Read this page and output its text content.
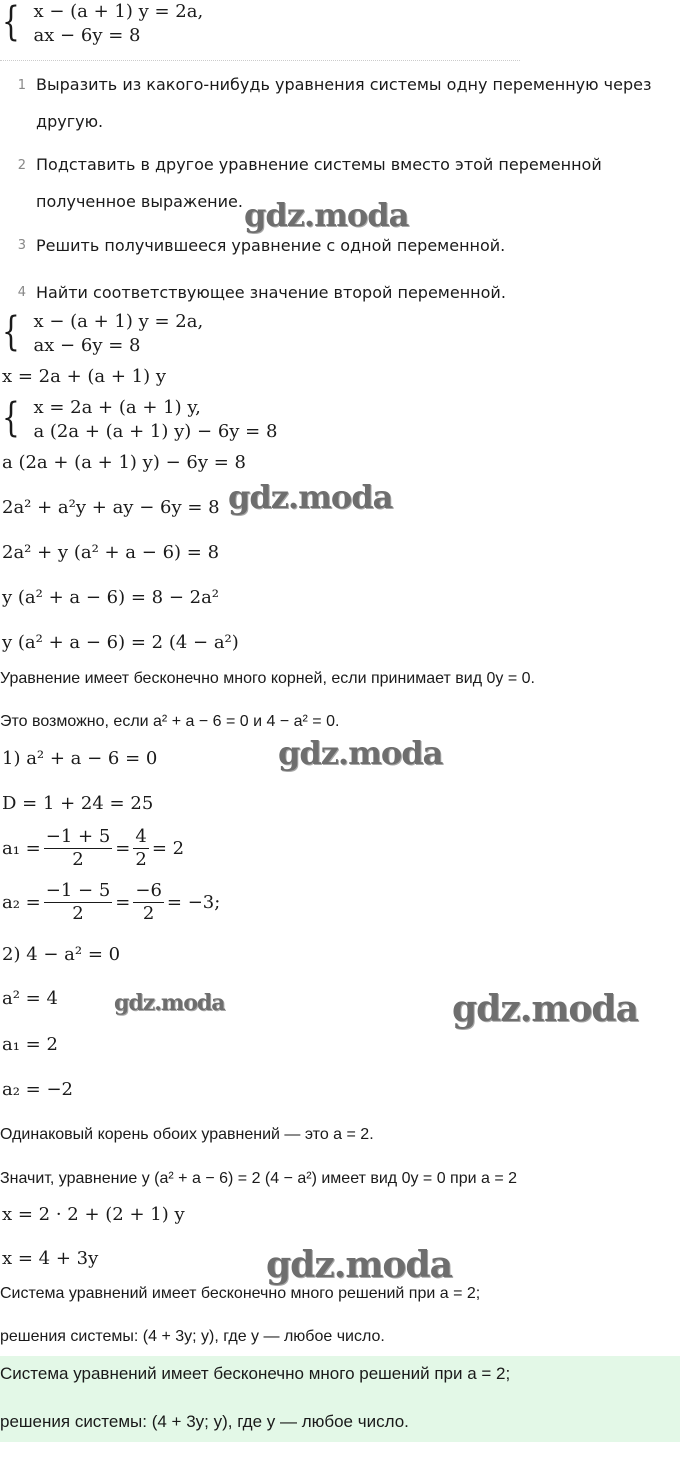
{ x − (a + 1) y = 2a,
ax − 6y = 8
1 Выразить из какого-нибудь уравнения системы одну переменную через
другую.
2 Подставить в другое уравнение системы вместо этой переменной
полученное выражение.
3 Решить получившееся уравнение с одной переменной.
4 Найти соответствующее значение второй переменной.
{ x − (a + 1) y = 2a,
ax − 6y = 8
x = 2a + (a + 1) y
{ x = 2a + (a + 1) y,
a (2a + (a + 1) y) − 6y = 8
a (2a + (a + 1) y) − 6y = 8
2a² + a²y + ay − 6y = 8
2a² + y (a² + a − 6) = 8
y (a² + a − 6) = 8 − 2a²
y (a² + a − 6) = 2 (4 − a²)
Уравнение имеет бесконечно много корней, если принимает вид 0y = 0.
Это возможно, если a² + a − 6 = 0 и 4 − a² = 0.
1) a² + a − 6 = 0
D = 1 + 24 = 25
$a_1 = \frac{-1 + 5}{2} = \frac{4}{2} = 2$
$a_2 = \frac{-1 - 5}{2} = \frac{-6}{2} = -3$;
2) 4 − a² = 0
a² = 4
a₁ = 2
a₂ = −2
Одинаковый корень обоих уравнений — это a = 2.
Значит, уравнение y (a² + a − 6) = 2 (4 − a²) имеет вид 0y = 0 при a = 2
x = 2 · 2 + (2 + 1) y
x = 4 + 3y
Система уравнений имеет бесконечно много решений при a = 2;
решения системы: (4 + 3y; y), где y — любое число.
Система уравнений имеет бесконечно много решений при a = 2;
решения системы: (4 + 3y; y), где y — любое число.
gdz.moda
gdz.moda
gdz.moda
gdz.moda	gdz.moda
gdz.moda
